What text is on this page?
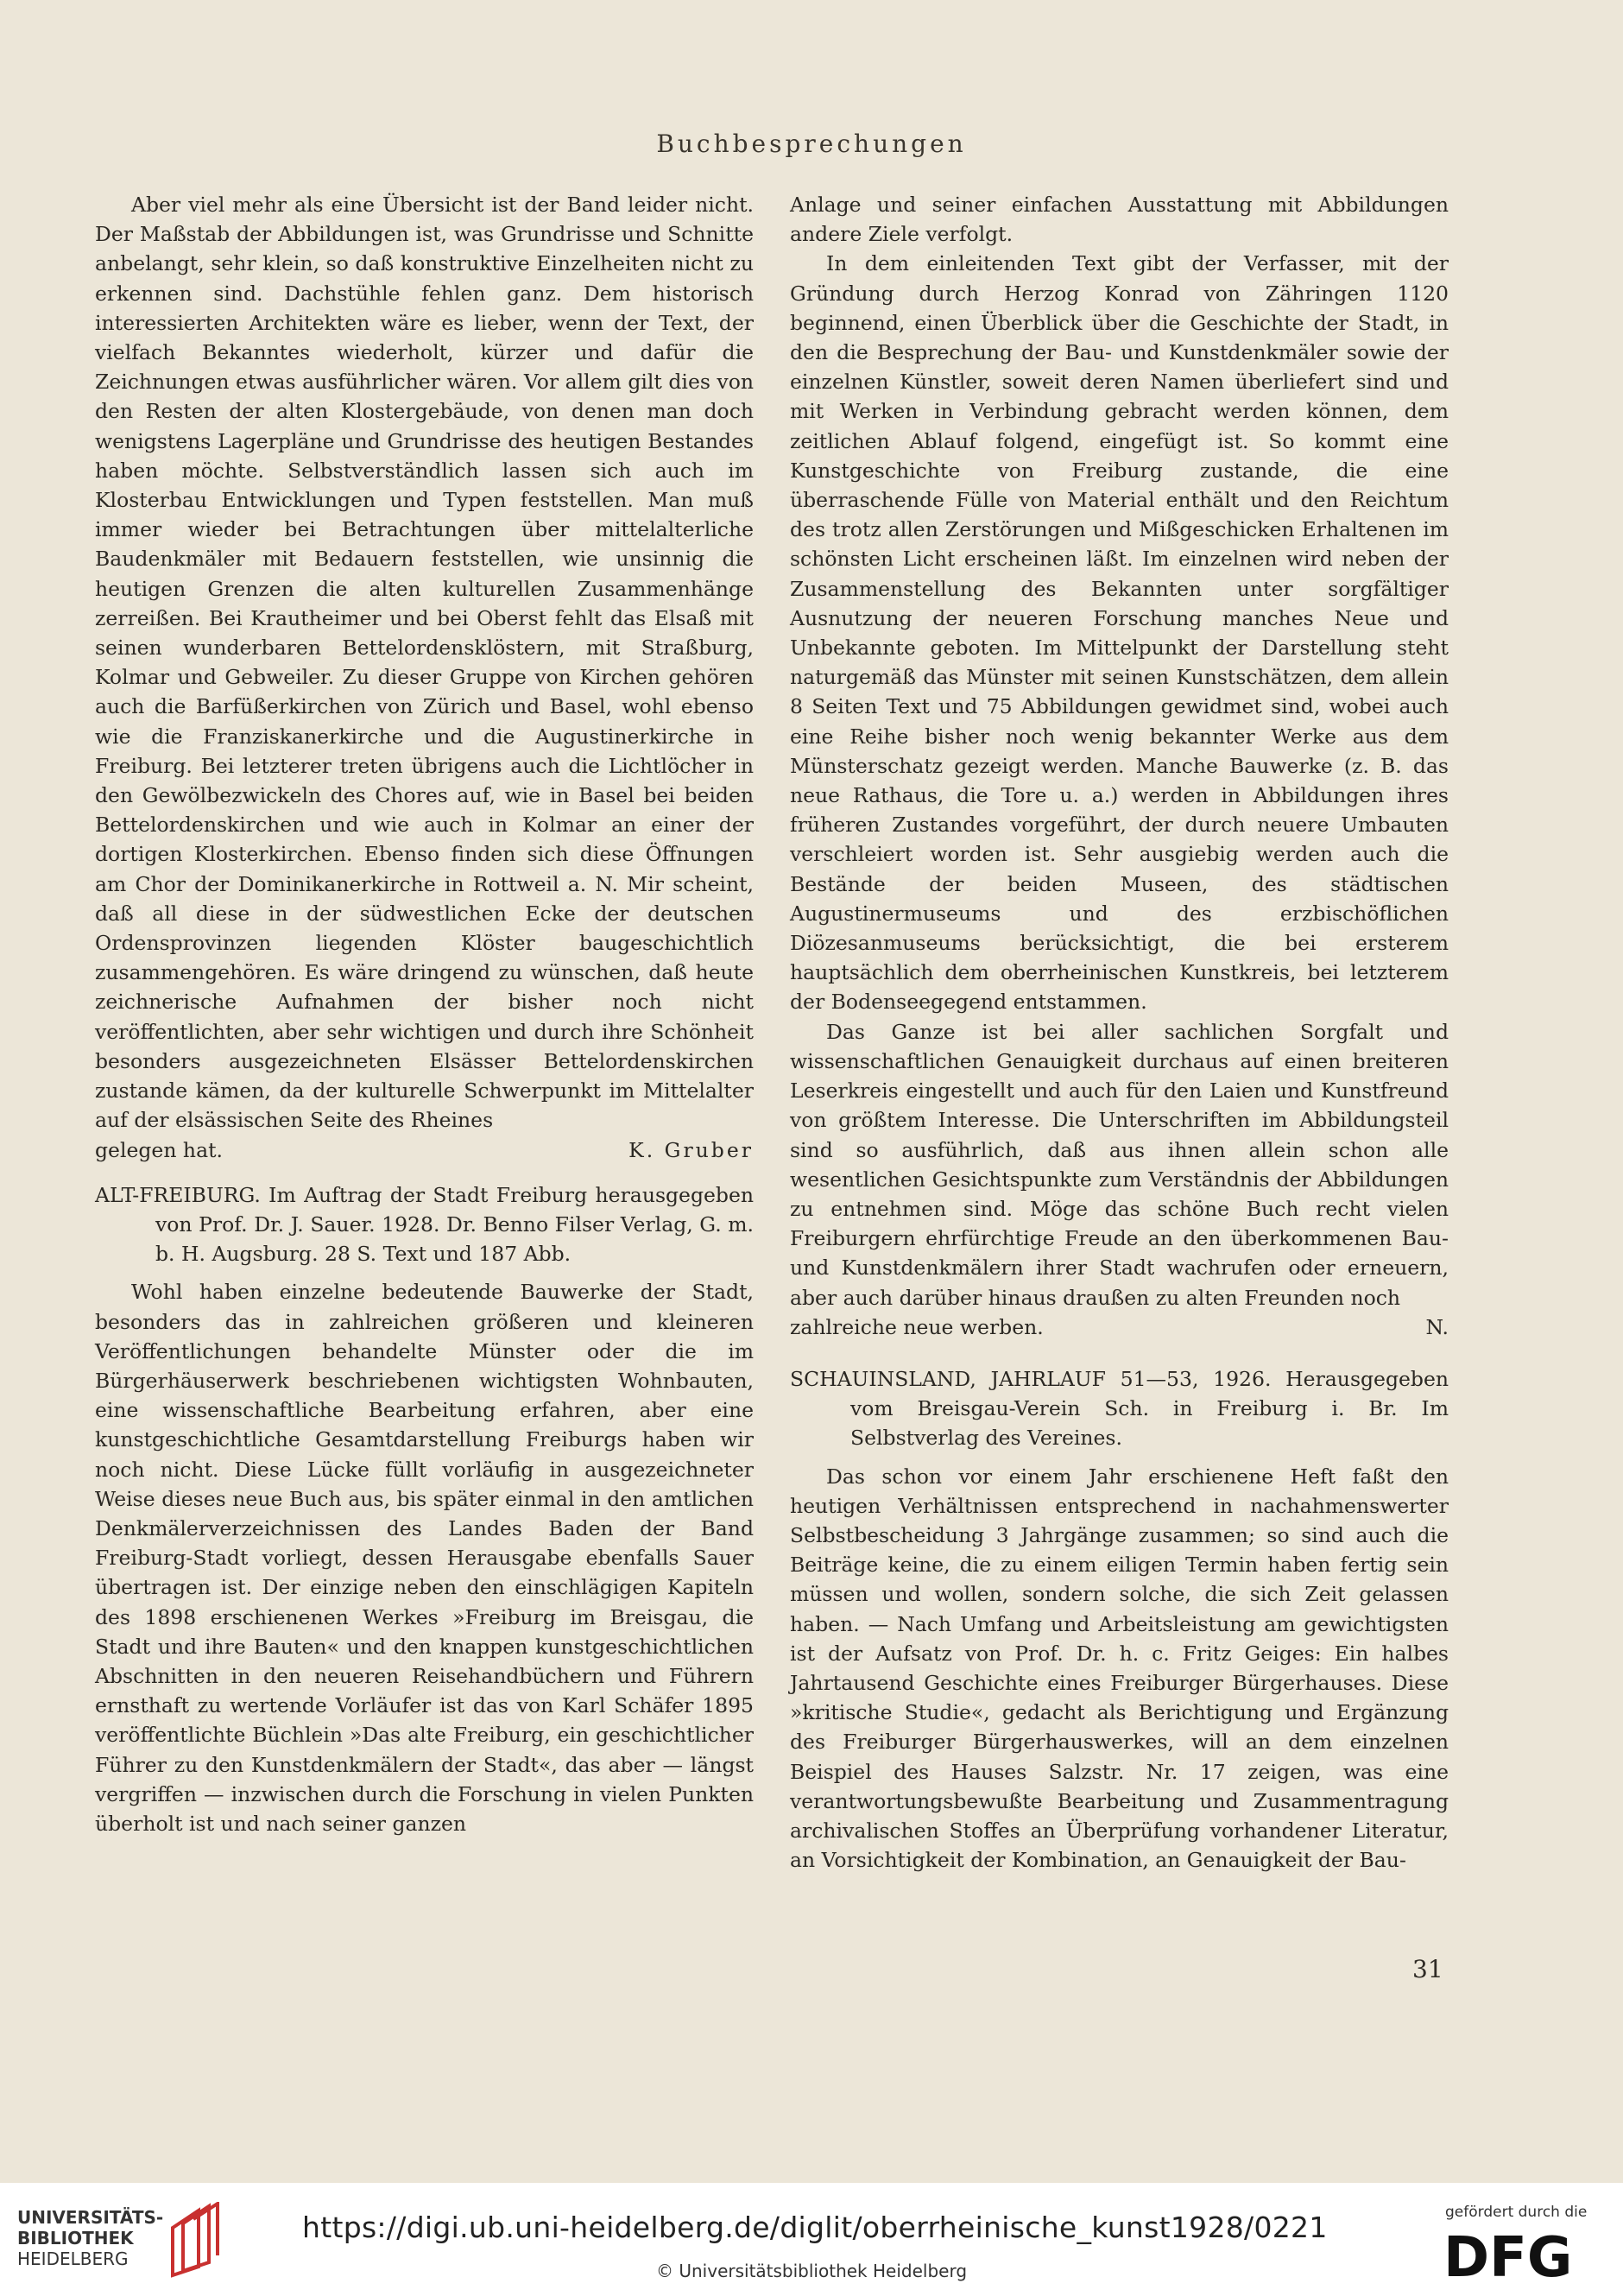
Buchbesprechungen

Aber viel mehr als eine Übersicht ist der Band leider nicht. Der Maßstab der Abbildungen ist, was Grundrisse und Schnitte anbelangt, sehr klein, so daß konstruktive Einzelheiten nicht zu erkennen sind. Dachstühle fehlen ganz. Dem historisch interessierten Architekten wäre es lieber, wenn der Text, der vielfach Bekanntes wiederholt, kürzer und dafür die Zeichnungen etwas ausführlicher wären. Vor allem gilt dies von den Resten der alten Klostergebäude, von denen man doch wenigstens Lagerpläne und Grundrisse des heutigen Bestandes haben möchte. Selbstverständlich lassen sich auch im Klosterbau Entwicklungen und Typen feststellen. Man muß immer wieder bei Betrachtungen über mittelalterliche Baudenkmäler mit Bedauern feststellen, wie unsinnig die heutigen Grenzen die alten kulturellen Zusammenhänge zerreißen. Bei Krautheimer und bei Oberst fehlt das Elsaß mit seinen wunderbaren Bettelordensklöstern, mit Straßburg, Kolmar und Gebweiler. Zu dieser Gruppe von Kirchen gehören auch die Barfüßerkirchen von Zürich und Basel, wohl ebenso wie die Franziskanerkirche und die Augustinerkirche in Freiburg. Bei letzterer treten übrigens auch die Lichtlöcher in den Gewölbezwickeln des Chores auf, wie in Basel bei beiden Bettelordenskirchen und wie auch in Kolmar an einer der dortigen Klosterkirchen. Ebenso finden sich diese Öffnungen am Chor der Dominikanerkirche in Rottweil a. N. Mir scheint, daß all diese in der südwestlichen Ecke der deutschen Ordensprovinzen liegenden Klöster baugeschichtlich zusammengehören. Es wäre dringend zu wünschen, daß heute zeichnerische Aufnahmen der bisher noch nicht veröffentlichten, aber sehr wichtigen und durch ihre Schönheit besonders ausgezeichneten Elsässer Bettelordenskirchen zustande kämen, da der kulturelle Schwerpunkt im Mittelalter auf der elsässischen Seite des Rheines

gelegen hat.	K. Gruber
ALT-FREIBURG. Im Auftrag der Stadt Freiburg herausgegeben von Prof. Dr. J. Sauer. 1928. Dr. Benno Filser Verlag, G. m. b. H. Augsburg. 28 S. Text und 187 Abb.

Wohl haben einzelne bedeutende Bauwerke der Stadt, besonders das in zahlreichen größeren und kleineren Veröffentlichungen behandelte Münster oder die im Bürgerhäuserwerk beschriebenen wichtigsten Wohnbauten, eine wissenschaftliche Bearbeitung erfahren, aber eine kunstgeschichtliche Gesamtdarstellung Freiburgs haben wir noch nicht. Diese Lücke füllt vorläufig in ausgezeichneter Weise dieses neue Buch aus, bis später einmal in den amtlichen Denkmälerverzeichnissen des Landes Baden der Band Freiburg-Stadt vorliegt, dessen Herausgabe ebenfalls Sauer übertragen ist. Der einzige neben den einschlägigen Kapiteln des 1898 erschienenen Werkes »Freiburg im Breisgau, die Stadt und ihre Bauten« und den knappen kunstgeschichtlichen Abschnitten in den neueren Reisehandbüchern und Führern ernsthaft zu wertende Vorläufer ist das von Karl Schäfer 1895 veröffentlichte Büchlein »Das alte Freiburg, ein geschichtlicher Führer zu den Kunstdenkmälern der Stadt«, das aber — längst vergriffen — inzwischen durch die Forschung in vielen Punkten überholt ist und nach seiner ganzen

Anlage und seiner einfachen Ausstattung mit Abbildungen andere Ziele verfolgt.

In dem einleitenden Text gibt der Verfasser, mit der Gründung durch Herzog Konrad von Zähringen 1120 beginnend, einen Überblick über die Geschichte der Stadt, in den die Besprechung der Bau- und Kunstdenkmäler sowie der einzelnen Künstler, soweit deren Namen überliefert sind und mit Werken in Verbindung gebracht werden können, dem zeitlichen Ablauf folgend, eingefügt ist. So kommt eine Kunstgeschichte von Freiburg zustande, die eine überraschende Fülle von Material enthält und den Reichtum des trotz allen Zerstörungen und Mißgeschicken Erhaltenen im schönsten Licht erscheinen läßt. Im einzelnen wird neben der Zusammenstellung des Bekannten unter sorgfältiger Ausnutzung der neueren Forschung manches Neue und Unbekannte geboten. Im Mittelpunkt der Darstellung steht naturgemäß das Münster mit seinen Kunstschätzen, dem allein 8 Seiten Text und 75 Abbildungen gewidmet sind, wobei auch eine Reihe bisher noch wenig bekannter Werke aus dem Münsterschatz gezeigt werden. Manche Bauwerke (z. B. das neue Rathaus, die Tore u. a.) werden in Abbildungen ihres früheren Zustandes vorgeführt, der durch neuere Umbauten verschleiert worden ist. Sehr ausgiebig werden auch die Bestände der beiden Museen, des städtischen Augustinermuseums und des erzbischöflichen Diözesanmuseums berücksichtigt, die bei ersterem hauptsächlich dem oberrheinischen Kunstkreis, bei letzterem der Bodenseegegend entstammen.

Das Ganze ist bei aller sachlichen Sorgfalt und wissenschaftlichen Genauigkeit durchaus auf einen breiteren Leserkreis eingestellt und auch für den Laien und Kunstfreund von größtem Interesse. Die Unterschriften im Abbildungsteil sind so ausführlich, daß aus ihnen allein schon alle wesentlichen Gesichtspunkte zum Verständnis der Abbildungen zu entnehmen sind. Möge das schöne Buch recht vielen Freiburgern ehrfürchtige Freude an den überkommenen Bau- und Kunstdenkmälern ihrer Stadt wachrufen oder erneuern, aber auch darüber hinaus draußen zu alten Freunden noch

zahlreiche neue werben.	N.
SCHAUINSLAND, JAHRLAUF 51—53, 1926. Herausgegeben vom Breisgau-Verein Sch. in Freiburg i. Br. Im Selbstverlag des Vereines.

Das schon vor einem Jahr erschienene Heft faßt den heutigen Verhältnissen entsprechend in nachahmenswerter Selbstbescheidung 3 Jahrgänge zusammen; so sind auch die Beiträge keine, die zu einem eiligen Termin haben fertig sein müssen und wollen, sondern solche, die sich Zeit gelassen haben. — Nach Umfang und Arbeitsleistung am gewichtigsten ist der Aufsatz von Prof. Dr. h. c. Fritz Geiges: Ein halbes Jahrtausend Geschichte eines Freiburger Bürgerhauses. Diese »kritische Studie«, gedacht als Berichtigung und Ergänzung des Freiburger Bürgerhauswerkes, will an dem einzelnen Beispiel des Hauses Salzstr. Nr. 17 zeigen, was eine verantwortungsbewußte Bearbeitung und Zusammentragung archivalischen Stoffes an Überprüfung vorhandener Literatur, an Vorsichtigkeit der Kombination, an Genauigkeit der Bau-

31
UNIVERSITÄTS-
BIBLIOTHEK
HEIDELBERG
https://digi.ub.uni-heidelberg.de/diglit/oberrheinische_kunst1928/0221
© Universitätsbibliothek Heidelberg
gefördert durch die
DFG
